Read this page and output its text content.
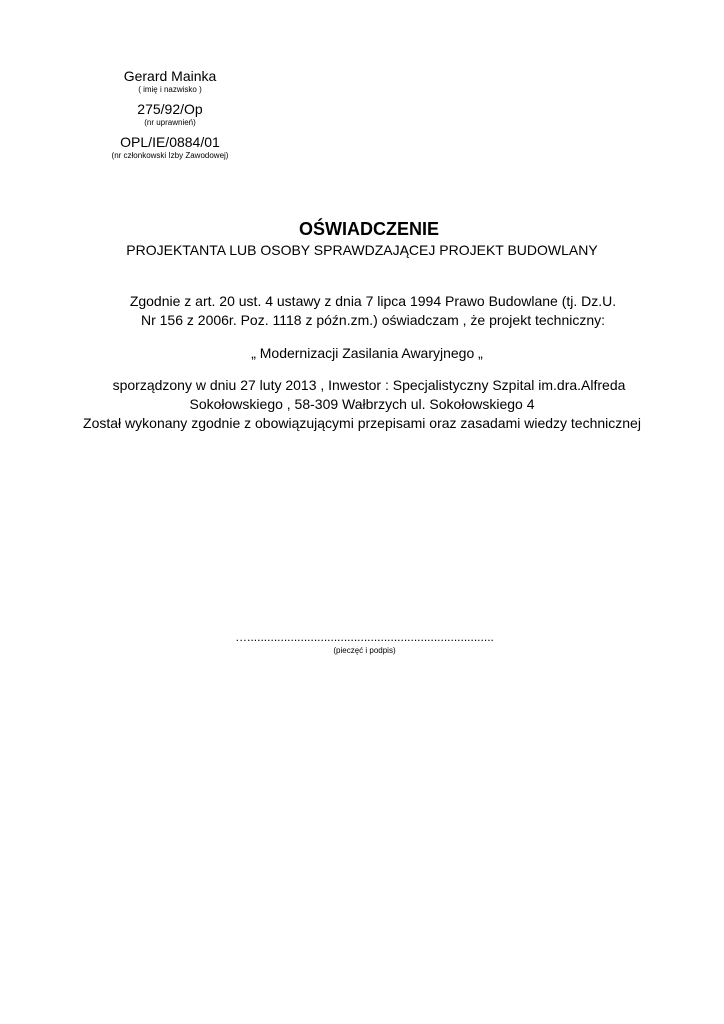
Gerard Mainka
( imię i nazwisko )
275/92/Op
(nr uprawnień)
OPL/IE/0884/01
(nr członkowski Izby Zawodowej)
OŚWIADCZENIE
PROJEKTANTA LUB OSOBY SPRAWDZAJĄCEJ PROJEKT BUDOWLANY
Zgodnie z art. 20 ust. 4 ustawy z dnia 7 lipca 1994 Prawo Budowlane (tj. Dz.U.
Nr 156 z 2006r. Poz. 1118 z późn.zm.) oświadczam , że projekt techniczny:
„ Modernizacji Zasilania Awaryjnego „
sporządzony w dniu 27 luty 2013 , Inwestor : Specjalistyczny Szpital im.dra.Alfreda
Sokołowskiego , 58-309 Wałbrzych ul. Sokołowskiego 4
Został wykonany zgodnie z obowiązującymi przepisami oraz zasadami wiedzy technicznej
…..........................................................................
(pieczęć i podpis)
